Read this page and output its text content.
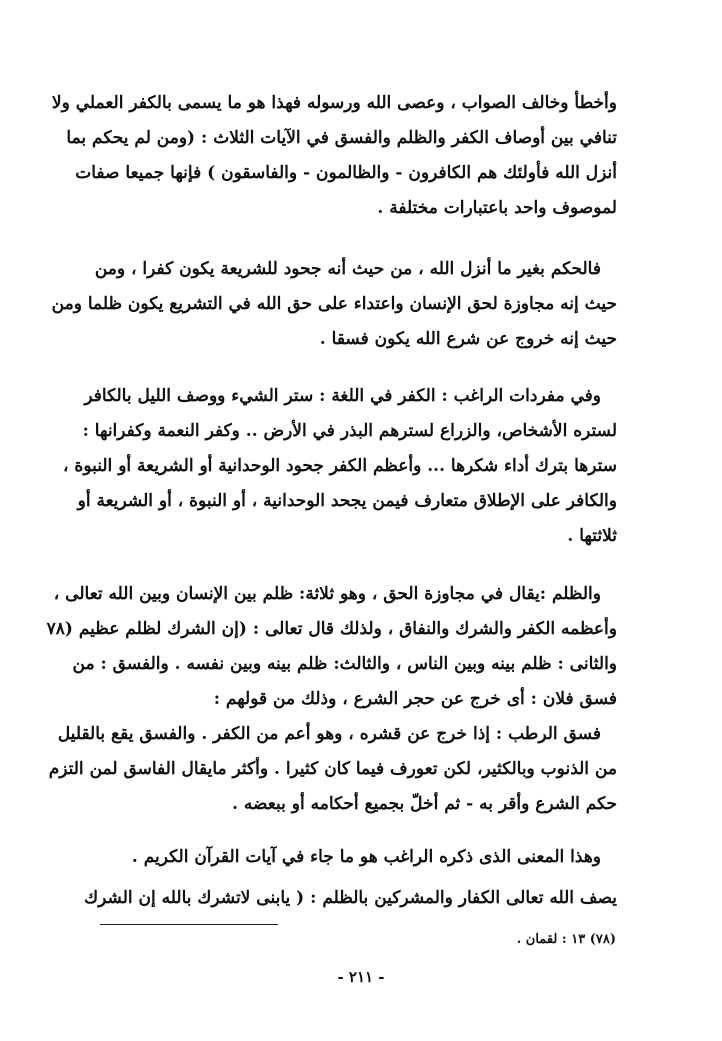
وأخطأ وخالف الصواب ، وعصى الله ورسوله فهذا هو ما يسمى بالكفر العملي ولا
تنافي بين أوصاف الكفر والظلم والفسق في الآيات الثلاث : (ومن لم يحكم بما
أنزل الله فأولئك هم الكافرون - والظالمون - والفاسقون ) فإنها جميعا صفات
لموصوف واحد باعتبارات مختلفة .
فالحكم بغير ما أنزل الله ، من حيث أنه جحود للشريعة يكون كفرا ، ومن
حيث إنه مجاوزة لحق الإنسان واعتداء على حق الله في التشريع يكون ظلما ومن
حيث إنه خروج عن شرع الله يكون فسقا .
وفي مفردات الراغب : الكفر في اللغة : ستر الشيء ووصف الليل بالكافر
لستره الأشخاص، والزراع لسترهم البذر في الأرض .. وكفر النعمة وكفرانها :
سترها بترك أداء شكرها ... وأعظم الكفر جحود الوحدانية أو الشريعة أو النبوة ،
والكافر على الإطلاق متعارف فيمن يجحد الوحدانية ، أو النبوة ، أو الشريعة أو
ثلاثتها .
والظلم :يقال في مجاوزة الحق ، وهو ثلاثة: ظلم بين الإنسان وبين الله تعالى ،
وأعظمه الكفر والشرك والنفاق ، ولذلك قال تعالى : (إن الشرك لظلم عظيم (٧٨
والثانى : ظلم بينه وبين الناس ، والثالث: ظلم بينه وبين نفسه . والفسق : من
فسق فلان : أى خرج عن حجر الشرع ، وذلك من قولهم :
فسق الرطب : إذا خرج عن قشره ، وهو أعم من الكفر . والفسق يقع بالقليل
من الذنوب وبالكثير، لكن تعورف فيما كان كثيرا . وأكثر مايقال الفاسق لمن التزم
حكم الشرع وأقر به - ثم أخلّ بجميع أحكامه أو ببعضه .
وهذا المعنى الذى ذكره الراغب هو ما جاء في آيات القرآن الكريم .
يصف الله تعالى الكفار والمشركين بالظلم : ( يابنى لاتشرك بالله إن الشرك
(٧٨) ١٣ : لقمان .
- ٢١١ -
